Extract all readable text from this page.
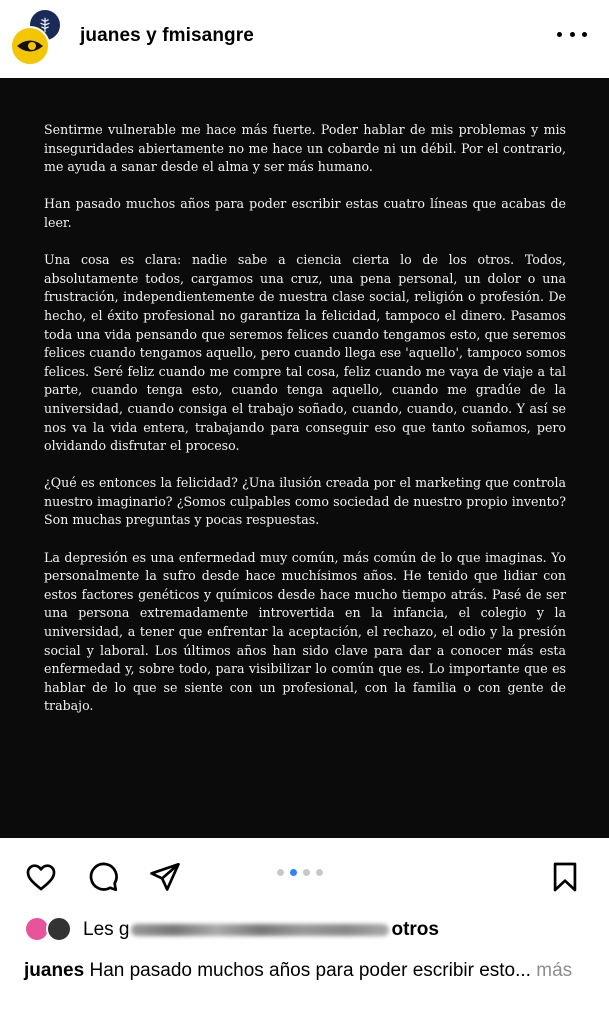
juanes y fmisangre

Sentirme vulnerable me hace más fuerte. Poder hablar de mis problemas y mis inseguridades abiertamente no me hace un cobarde ni un débil. Por el contrario, me ayuda a sanar desde el alma y ser más humano.

Han pasado muchos años para poder escribir estas cuatro líneas que acabas de leer.

Una cosa es clara: nadie sabe a ciencia cierta lo de los otros. Todos, absolutamente todos, cargamos una cruz, una pena personal, un dolor o una frustración, independientemente de nuestra clase social, religión o profesión. De hecho, el éxito profesional no garantiza la felicidad, tampoco el dinero. Pasamos toda una vida pensando que seremos felices cuando tengamos esto, que seremos felices cuando tengamos aquello, pero cuando llega ese 'aquello', tampoco somos felices. Seré feliz cuando me compre tal cosa, feliz cuando me vaya de viaje a tal parte, cuando tenga esto, cuando tenga aquello, cuando me gradúe de la universidad, cuando consiga el trabajo soñado, cuando, cuando, cuando. Y así se nos va la vida entera, trabajando para conseguir eso que tanto soñamos, pero olvidando disfrutar el proceso.

¿Qué es entonces la felicidad? ¿Una ilusión creada por el marketing que controla nuestro imaginario? ¿Somos culpables como sociedad de nuestro propio invento? Son muchas preguntas y pocas respuestas.

La depresión es una enfermedad muy común, más común de lo que imaginas. Yo personalmente la sufro desde hace muchísimos años. He tenido que lidiar con estos factores genéticos y químicos desde hace mucho tiempo atrás. Pasé de ser una persona extremadamente introvertida en la infancia, el colegio y la universidad, a tener que enfrentar la aceptación, el rechazo, el odio y la presión social y laboral. Los últimos años han sido clave para dar a conocer más esta enfermedad y, sobre todo, para visibilizar lo común que es. Lo importante que es hablar de lo que se siente con un profesional, con la familia o con gente de trabajo.

Les g	otros
juanes Han pasado muchos años para poder escribir esto... más
